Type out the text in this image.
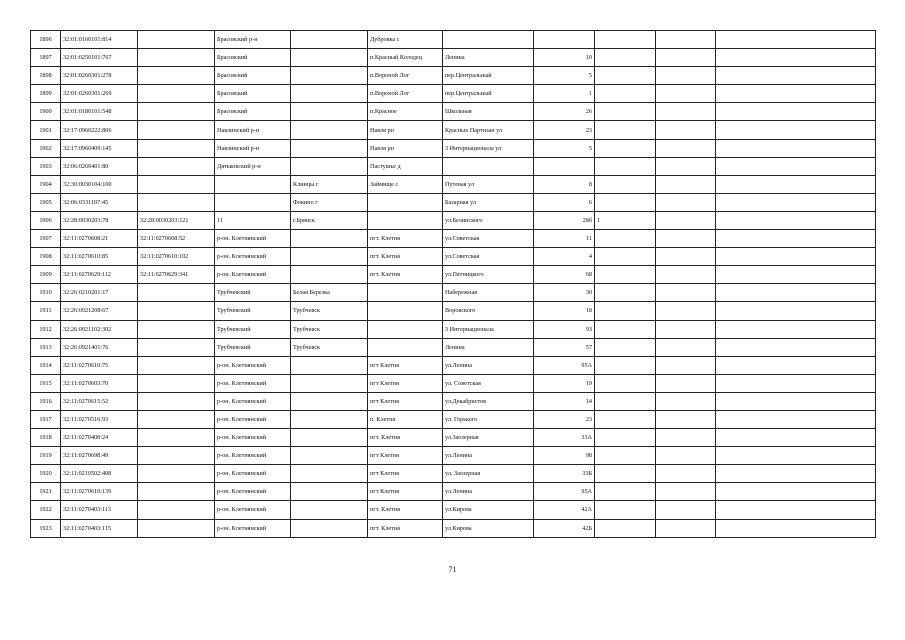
1896	32:01:0160101:814		Брасовский р-н		Дубровка с					
1897	32:01:0250101:767		Брасовский		п.Красный Колодец	Ленина	10			
1898	32:01:0260301:278		Брасовский		п.Вороной Лог	пер.Центральный	5			
1899	32:01:0260301:269		Брасовский		п.Вороной Лог	пер.Центральный	1			
1900	32:01:0180101:548		Брасовский		п.Красное	Школьная	26			
1901	32:17:0960222:806		Навлинский р-н		Навля рп	Красных Партизан ул	23			
1902	32:17:0960409:145		Навлинский р-н		Навля рп	3 Интернационала ул	5			
1903	32:06:0260401:80		Дятьковский р-н		Пастушье д					
1904	32:30:0030104:100			Клинцы г	Займище с	Путевая ул	8			
1905	32:06:0331107:45			Фокино г		Базарная ул	6			
1906	32:28:0030203:78	32:28:0030203:121	11	г.Брянск		ул.Белинского	28б	1		
1907	32:11:0270608:21	32:11:0270608:52	р-он. Клетнянский		пгт. Клетня	ул.Советская	11			
1908	32:11:0270610:85	32:11:0270610:102	р-он. Клетнянский		пгт. Клетня	ул.Советская	4			
1909	32:11:0270629:112	32:11:0270629:341	р-он. Клетнянский		пгт. Клетня	ул.Пятницкого	68			
1910	32:26:0210201:17		Трубчевский	Белая Березка		Набережная	30			
1911	32:26:0921208:67		Трубчевский	Трубчевск		Воровского	18			
1912	32:26:0921102:302		Трубчевский	Трубчевск		3 Интернационала	93			
1913	32:26:0921401:76		Трубчевский	Трубчевск		Ленина	57			
1914	32:11:0270610:75		р-он. Клетнянский		пгт Клетня	ул.Ленина	95А			
1915	32:11:0270603:70		р-он. Клетнянский		пгт Клетня	ул. Советская	19			
1916	32:11:0270615:52		р-он. Клетнянский		пгт Клетня	ул.Декабристов	14			
1917	32:11:0270516:93		р-он. Клетнянский		п. Клетня	ул. Горького	23			
1918	32:11:0270408:24		р-он. Клетнянский		пгт. Клетня	ул.Заозерная	33А			
1919	32:11:0270698:49		р-он. Клетнянский		пгт Клетня	ул.Ленина	98			
1920	32:11:0210502:408		р-он. Клетнянский		пгт Клетня	ул. Заозерная	33Б			
1921	32:11:0270610:139		р-он. Клетнянский		пгт Клетня	ул.Ленина	95А			
1922	32:11:0270403:113		р-он. Клетнянский		пгт. Клетня	ул.Кирова	42А			
1923	32:11:0270403:115		р-он. Клетнянский		пгт. Клетня	ул.Кирова	42Б			
71
